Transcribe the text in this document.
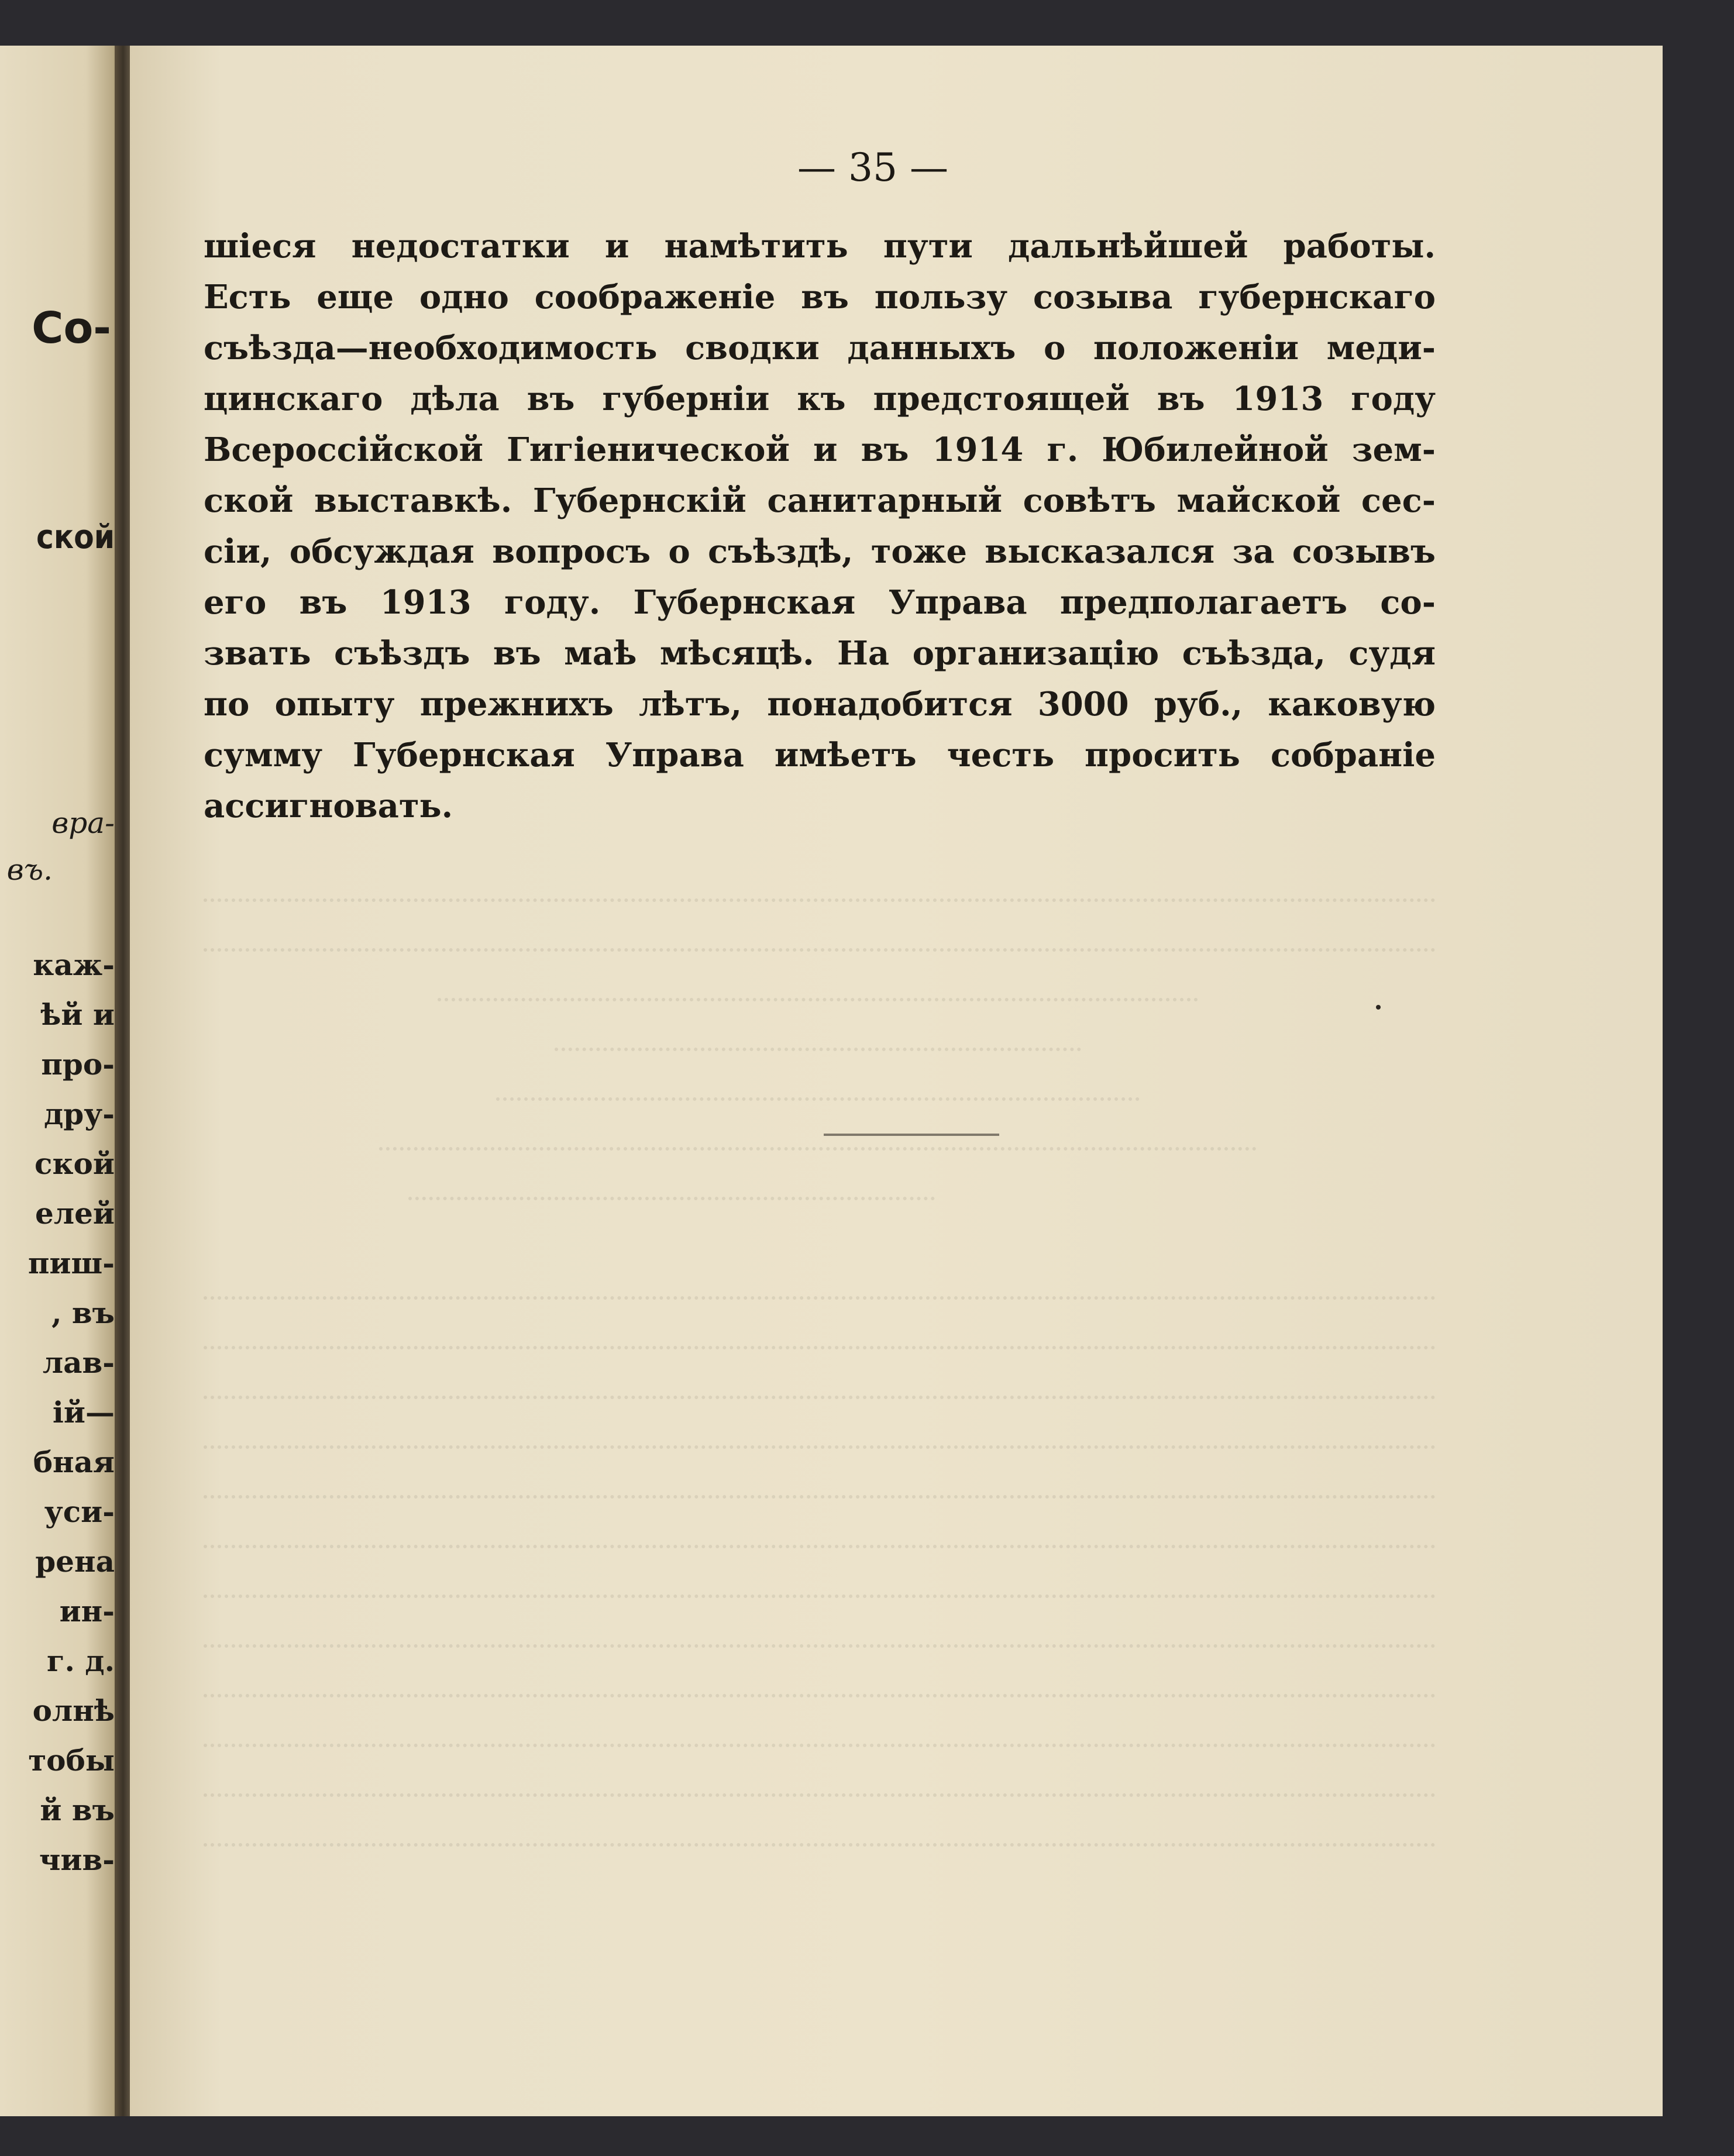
Со-
ской
вра-
въ.
каж-
ѣй и
про-
дру-
ской
елей
пиш-
, въ
лав-
ій—
бная
уси-
рена
ин-
г. д.
олнѣ
тобы
й въ
чив-
— 35 —
шіеся недостатки и намѣтить пути дальнѣйшей работы.
Есть еще одно соображеніе въ пользу созыва губернскаго
съѣзда—необходимость сводки данныхъ о положеніи меди-
цинскаго дѣла въ губерніи къ предстоящей въ 1913 году
Всероссійской Гигіенической и въ 1914 г. Юбилейной зем-
ской выставкѣ. Губернскій санитарный совѣтъ майской сес-
сіи, обсуждая вопросъ о съѣздѣ, тоже высказался за созывъ
его въ 1913 году. Губернская Управа предполагаетъ со-
звать съѣздъ въ маѣ мѣсяцѣ. На организацію съѣзда, судя
по опыту прежнихъ лѣтъ, понадобится 3000 руб., каковую
сумму Губернская Управа имѣетъ честь просить собраніе
ассигновать.
